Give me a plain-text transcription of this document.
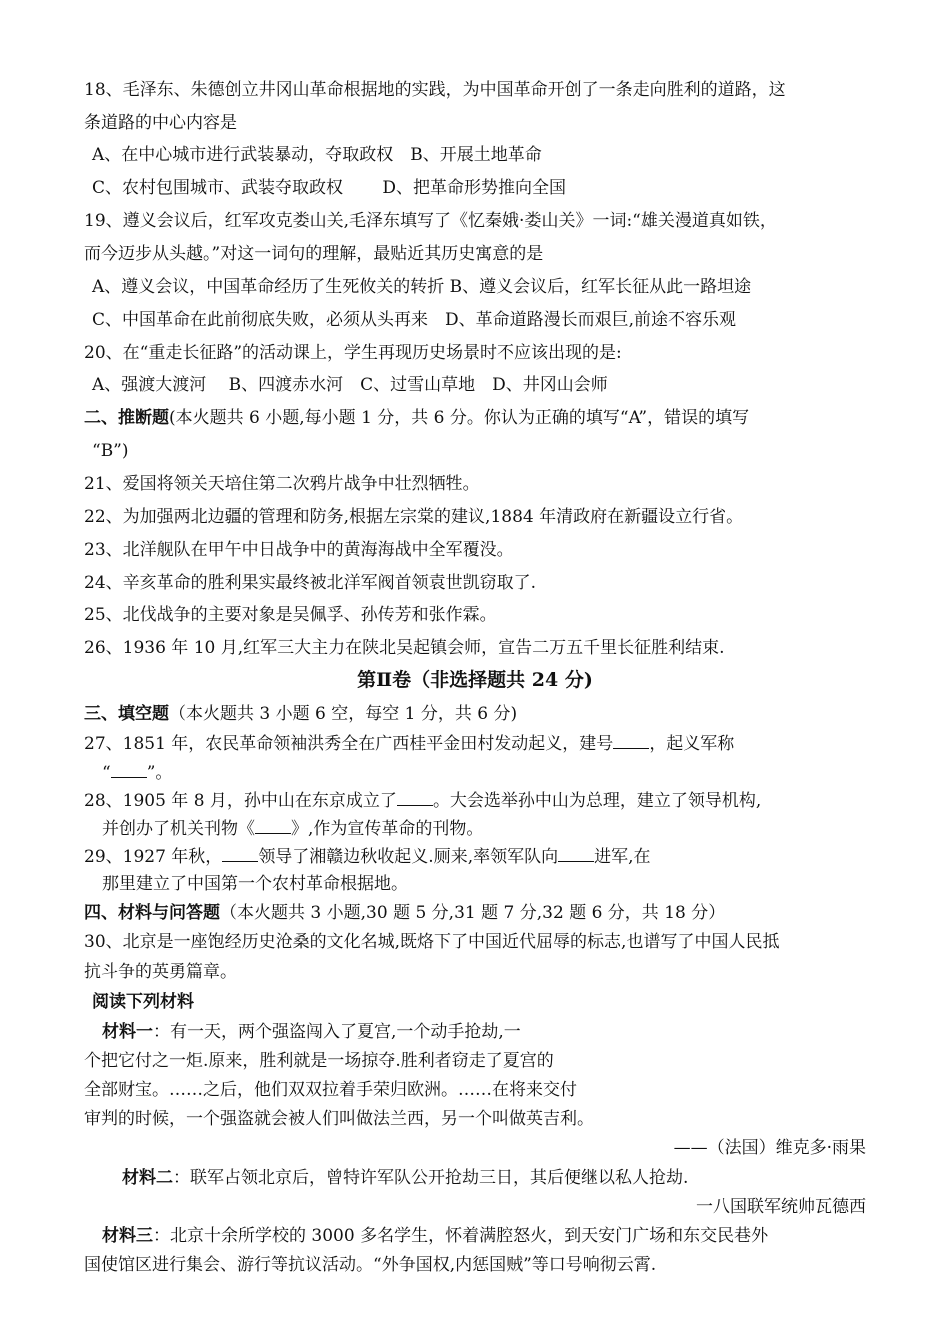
18、毛泽东、朱德创立井冈山革命根据地的实践，为中国革命开创了一条走向胜利的道路，这
条道路的中心内容是
A、在中心城市进行武装暴动，夺取政权　B、开展土地革命
C、农村包围城市、武装夺取政权　　 D、把革命形势推向全国
19、遵义会议后，红军攻克娄山关,毛泽东填写了《忆秦娥·娄山关》一词:“雄关漫道真如铁，
而今迈步从头越。”对这一词句的理解，最贴近其历史寓意的是
A、遵义会议，中国革命经历了生死攸关的转折 B、遵义会议后，红军长征从此一路坦途
C、中国革命在此前彻底失败，必须从头再来　D、革命道路漫长而艰巨,前途不容乐观
20、在“重走长征路”的活动课上，学生再现历史场景时不应该出现的是:
A、强渡大渡河　 B、四渡赤水河　C、过雪山草地　D、井冈山会师
二、推断题(本火题共 6 小题,每小题 1 分，共 6 分。你认为正确的填写“A”，错误的填写
“B”)
21、爱国将领关天培住第二次鸦片战争中壮烈牺牲。
22、为加强两北边疆的管理和防务,根据左宗棠的建议,1884 年清政府在新疆设立行省。
23、北洋舰队在甲午中日战争中的黄海海战中全军覆没。
24、辛亥革命的胜利果实最终被北洋军阀首领袁世凯窃取了.
25、北伐战争的主要对象是吴佩孚、孙传芳和张作霖。
26、1936 年 10 月,红军三大主力在陕北吴起镇会师，宣告二万五千里长征胜利结束.
第Ⅱ卷（非选择题共 24 分)
三、填空题（本火题共 3 小题 6 空，每空 1 分，共 6 分)
27、1851 年，农民革命领袖洪秀全在广西桂平金田村发动起义，建号 ，起义军称
“ ”。
28、1905 年 8 月，孙中山在东京成立了 。大会选举孙中山为总理，建立了领导机构,
并创办了机关刊物《 》,作为宣传革命的刊物。
29、1927 年秋， 领导了湘赣边秋收起义.厕来,率领军队向 进军,在
那里建立了中国第一个农村革命根据地。
四、材料与问答题（本火题共 3 小题,30 题 5 分,31 题 7 分,32 题 6 分，共 18 分）
30、北京是一座饱经历史沧桑的文化名城,既烙下了中国近代屈辱的标志,也谱写了中国人民抵
抗斗争的英勇篇章。
阅读下列材料
材料一：有一天，两个强盗闯入了夏宫,一个动手抢劫,一
个把它付之一炬.原来，胜利就是一场掠夺.胜利者窃走了夏宫的
全部财宝。……之后，他们双双拉着手荣归欧洲。……在将来交付
审判的时候，一个强盗就会被人们叫做法兰西，另一个叫做英吉利。
——（法国）维克多·雨果
材料二：联军占领北京后，曾特许军队公开抢劫三日，其后便继以私人抢劫.
一八国联军统帅瓦德西
材料三：北京十余所学校的 3000 多名学生，怀着满腔怒火，到天安门广场和东交民巷外
国使馆区进行集会、游行等抗议活动。“外争国权,内惩国贼”等口号响彻云霄.
